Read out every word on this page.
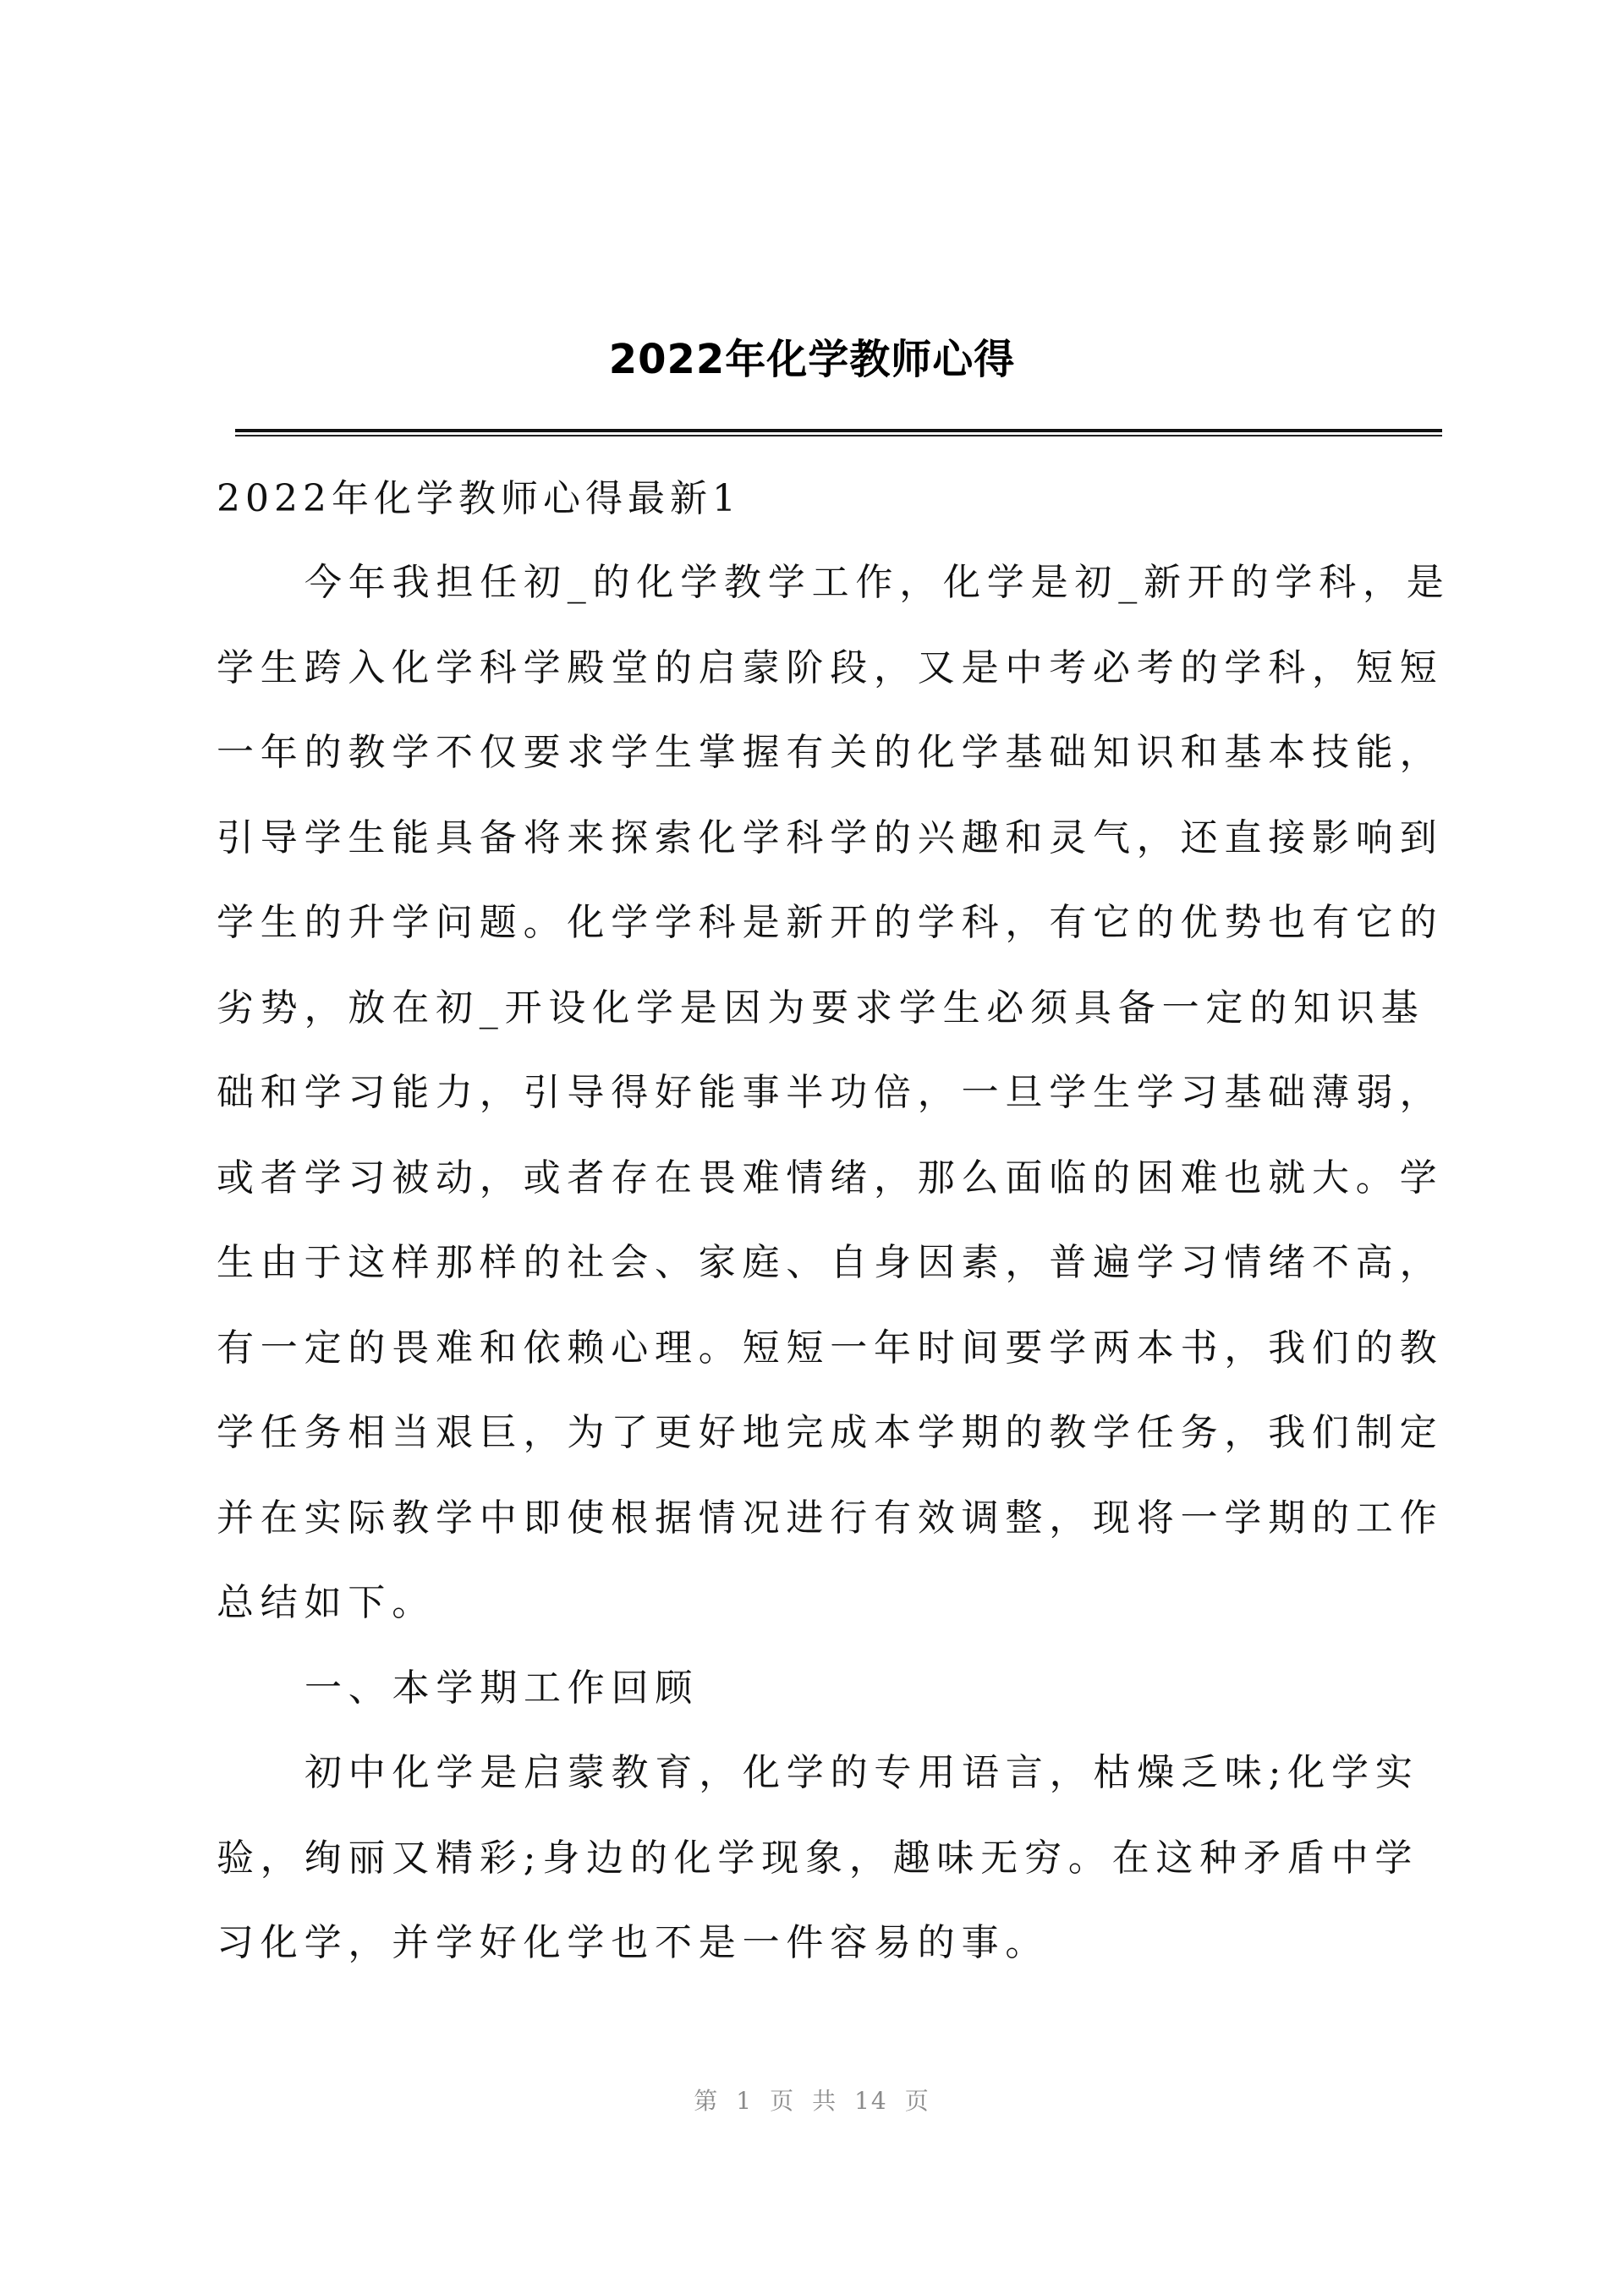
2022年化学教师心得
2022年化学教师心得最新1
今年我担任初_的化学教学工作，化学是初_新开的学科，是
学生跨入化学科学殿堂的启蒙阶段，又是中考必考的学科，短短
一年的教学不仅要求学生掌握有关的化学基础知识和基本技能，
引导学生能具备将来探索化学科学的兴趣和灵气，还直接影响到
学生的升学问题。化学学科是新开的学科，有它的优势也有它的
劣势，放在初_开设化学是因为要求学生必须具备一定的知识基
础和学习能力，引导得好能事半功倍，一旦学生学习基础薄弱，
或者学习被动，或者存在畏难情绪，那么面临的困难也就大。学
生由于这样那样的社会、家庭、自身因素，普遍学习情绪不高，
有一定的畏难和依赖心理。短短一年时间要学两本书，我们的教
学任务相当艰巨，为了更好地完成本学期的教学任务，我们制定
并在实际教学中即使根据情况进行有效调整，现将一学期的工作
总结如下。
一、本学期工作回顾
初中化学是启蒙教育，化学的专用语言，枯燥乏味;化学实
验，绚丽又精彩;身边的化学现象，趣味无穷。在这种矛盾中学
习化学，并学好化学也不是一件容易的事。
第 1 页 共 14 页
